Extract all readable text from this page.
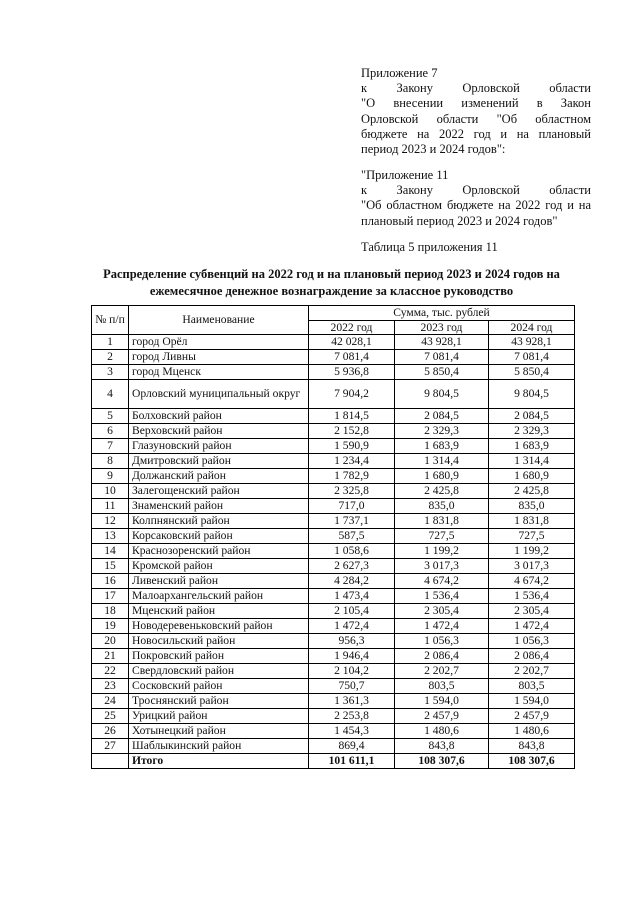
Приложение 7
к Закону Орловской области
"О внесении изменений в Закон
Орловской области "Об областном
бюджете на 2022 год и на плановый
период 2023 и 2024 годов":
"Приложение 11
к Закону Орловской области
"Об областном бюджете на 2022 год и на
плановый период 2023 и 2024 годов"
Таблица 5 приложения 11
Распределение субвенций на 2022 год и на плановый период 2023 и 2024 годов на
ежемесячное денежное вознаграждение за классное руководство
№ п/п	Наименование	Сумма, тыс. рублей		
		2022 год	2023 год	2024 год
1	город Орёл	42 028,1	43 928,1	43 928,1
2	город Ливны	7 081,4	7 081,4	7 081,4
3	город Мценск	5 936,8	5 850,4	5 850,4
4	Орловский муниципальный округ	7 904,2	9 804,5	9 804,5
5	Болховский район	1 814,5	2 084,5	2 084,5
6	Верховский район	2 152,8	2 329,3	2 329,3
7	Глазуновский район	1 590,9	1 683,9	1 683,9
8	Дмитровский район	1 234,4	1 314,4	1 314,4
9	Должанский район	1 782,9	1 680,9	1 680,9
10	Залегощенский район	2 325,8	2 425,8	2 425,8
11	Знаменский район	717,0	835,0	835,0
12	Колпнянский район	1 737,1	1 831,8	1 831,8
13	Корсаковский район	587,5	727,5	727,5
14	Краснозоренский район	1 058,6	1 199,2	1 199,2
15	Кромской район	2 627,3	3 017,3	3 017,3
16	Ливенский район	4 284,2	4 674,2	4 674,2
17	Малоархангельский район	1 473,4	1 536,4	1 536,4
18	Мценский район	2 105,4	2 305,4	2 305,4
19	Новодеревеньковский район	1 472,4	1 472,4	1 472,4
20	Новосильский район	956,3	1 056,3	1 056,3
21	Покровский район	1 946,4	2 086,4	2 086,4
22	Свердловский район	2 104,2	2 202,7	2 202,7
23	Сосковский район	750,7	803,5	803,5
24	Троснянский район	1 361,3	1 594,0	1 594,0
25	Урицкий район	2 253,8	2 457,9	2 457,9
26	Хотынецкий район	1 454,3	1 480,6	1 480,6
27	Шаблыкинский район	869,4	843,8	843,8
	Итого	101 611,1	108 307,6	108 307,6
